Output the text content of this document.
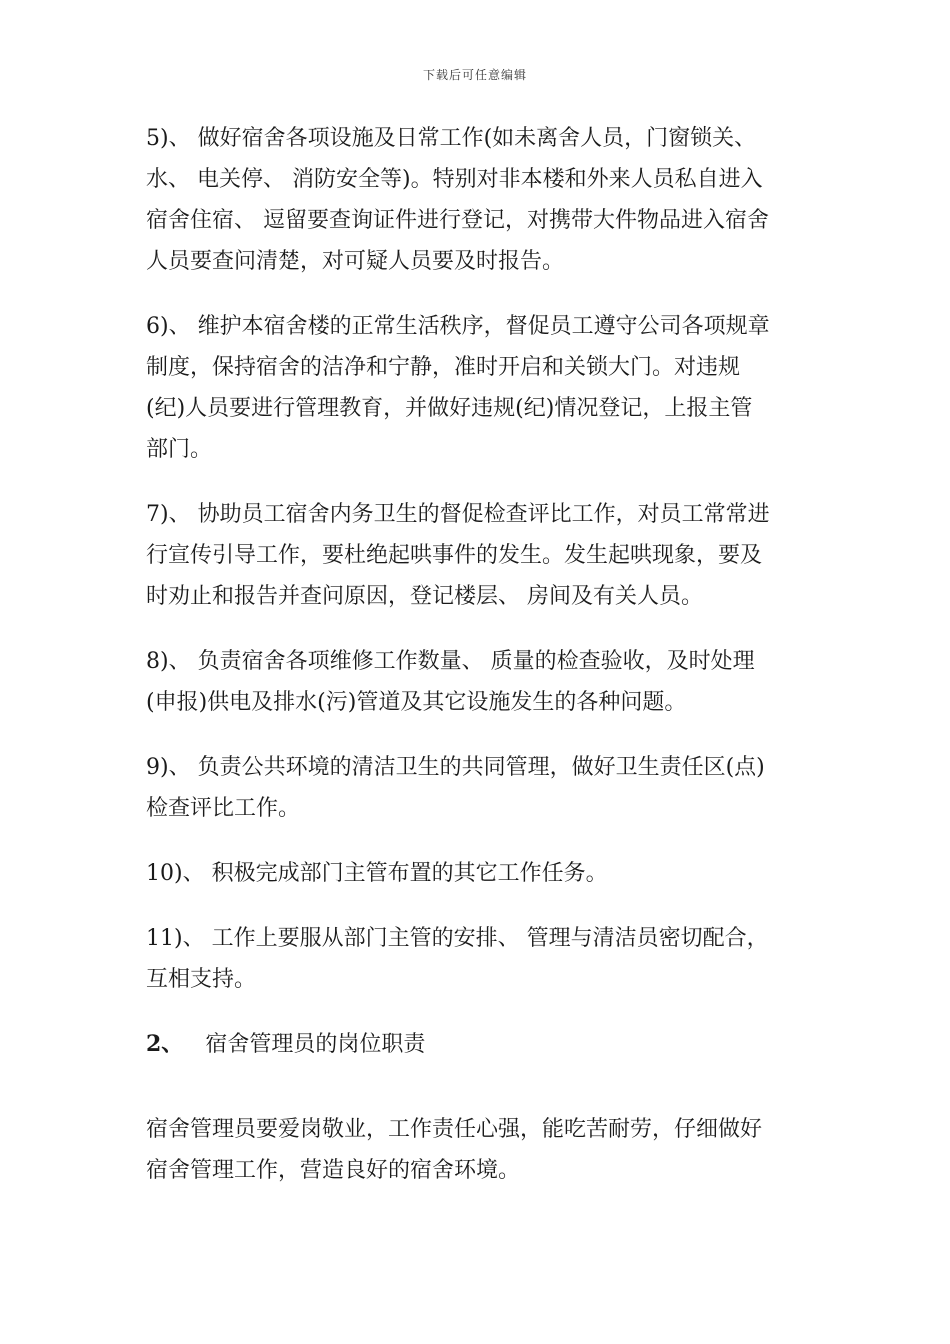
下载后可任意编辑

5)、 做好宿舍各项设施及日常工作(如未离舍人员，门窗锁关、
水、 电关停、 消防安全等)。特别对非本楼和外来人员私自进入
宿舍住宿、 逗留要查询证件进行登记，对携带大件物品进入宿舍
人员要查问清楚，对可疑人员要及时报告。

6)、 维护本宿舍楼的正常生活秩序，督促员工遵守公司各项规章
制度，保持宿舍的洁净和宁静，准时开启和关锁大门。对违规
(纪)人员要进行管理教育，并做好违规(纪)情况登记，上报主管
部门。

7)、 协助员工宿舍内务卫生的督促检查评比工作，对员工常常进
行宣传引导工作，要杜绝起哄事件的发生。发生起哄现象，要及
时劝止和报告并查问原因，登记楼层、 房间及有关人员。

8)、 负责宿舍各项维修工作数量、 质量的检查验收，及时处理
(申报)供电及排水(污)管道及其它设施发生的各种问题。

9)、 负责公共环境的清洁卫生的共同管理，做好卫生责任区(点)
检查评比工作。

10)、 积极完成部门主管布置的其它工作任务。

11)、 工作上要服从部门主管的安排、 管理与清洁员密切配合，
互相支持。

2、 宿舍管理员的岗位职责

宿舍管理员要爱岗敬业，工作责任心强，能吃苦耐劳，仔细做好
宿舍管理工作，营造良好的宿舍环境。
